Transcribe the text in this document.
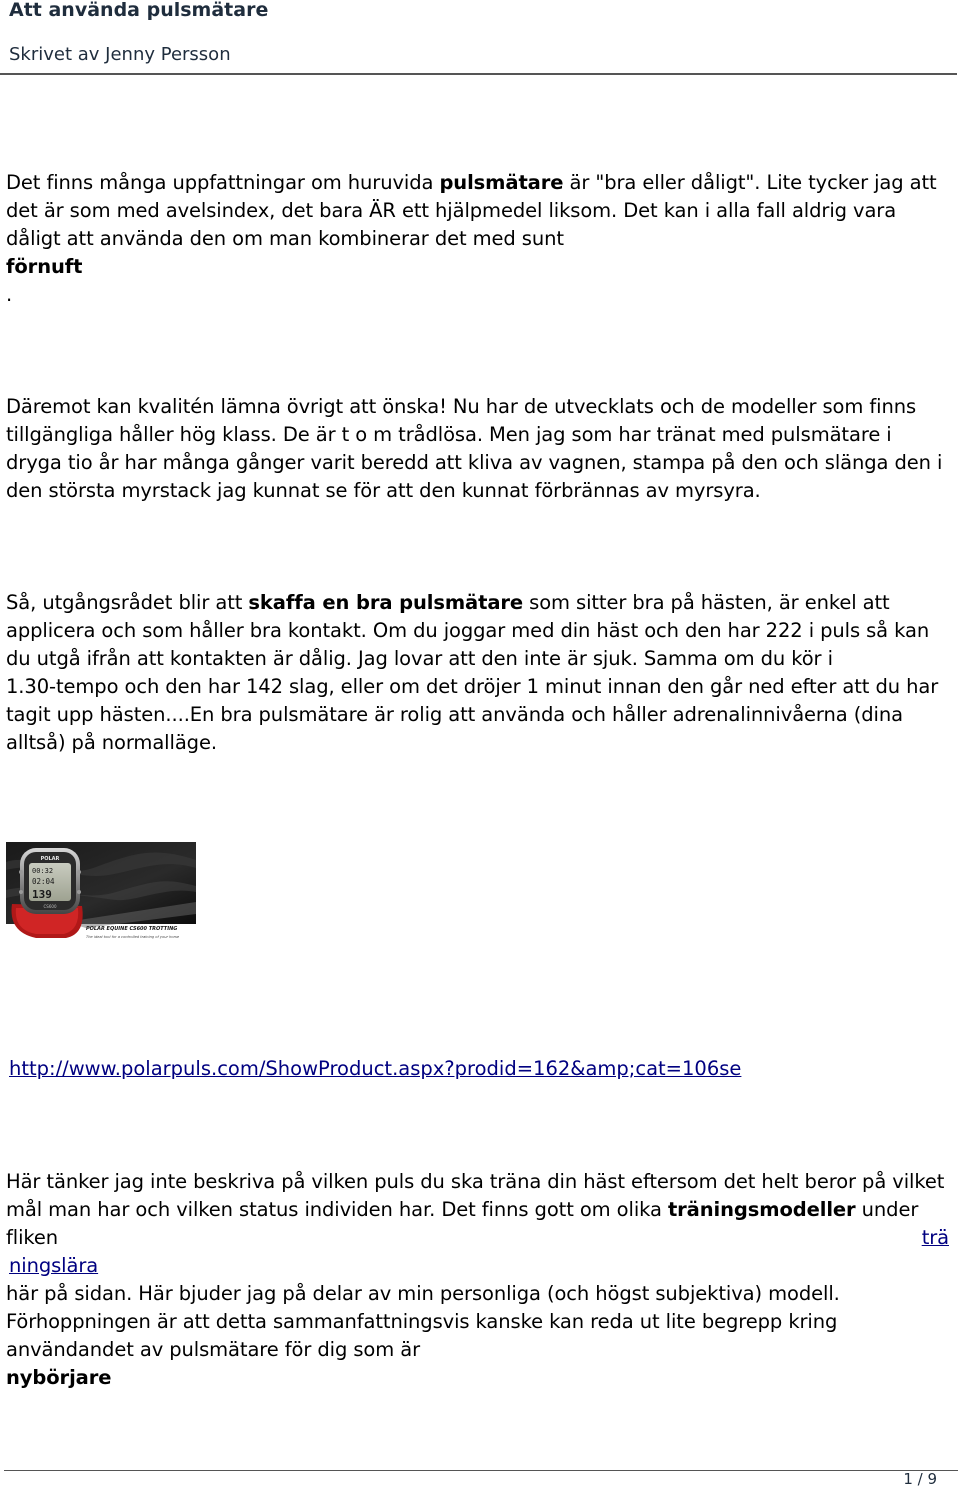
Att använda pulsmätare
Skrivet av Jenny Persson
Det finns många uppfattningar om huruvida pulsmätare är "bra eller dåligt". Lite tycker jag att
det är som med avelsindex, det bara ÄR ett hjälpmedel liksom. Det kan i alla fall aldrig vara
dåligt att använda den om man kombinerar det med sunt
förnuft
.
Däremot kan kvalitén lämna övrigt att önska! Nu har de utvecklats och de modeller som finns
tillgängliga håller hög klass. De är t o m trådlösa. Men jag som har tränat med pulsmätare i
dryga tio år har många gånger varit beredd att kliva av vagnen, stampa på den och slänga den i
den största myrstack jag kunnat se för att den kunnat förbrännas av myrsyra.
Så, utgångsrådet blir att skaffa en bra pulsmätare som sitter bra på hästen, är enkel att
applicera och som håller bra kontakt. Om du joggar med din häst och den har 222 i puls så kan
du utgå ifrån att kontakten är dålig. Jag lovar att den inte är sjuk. Samma om du kör i
1.30-tempo och den har 142 slag, eller om det dröjer 1 minut innan den går ned efter att du har
tagit upp hästen....En bra pulsmätare är rolig att använda och håller adrenalinnivåerna (dina
alltså) på normalläge.
POLAR
00:32
02:04
139
CS600
POLAR EQUINE CS600 TROTTING
The ideal tool for a controlled training of your horse
http://www.polarpuls.com/ShowProduct.aspx?prodid=162&amp;cat=106se
Här tänker jag inte beskriva på vilken puls du ska träna din häst eftersom det helt beror på vilket
mål man har och vilken status individen har. Det finns gott om olika träningsmodeller under
fliken	trä
ningslära
här på sidan. Här bjuder jag på delar av min personliga (och högst subjektiva) modell.
Förhoppningen är att detta sammanfattningsvis kanske kan reda ut lite begrepp kring
användandet av pulsmätare för dig som är
nybörjare
1 / 9
